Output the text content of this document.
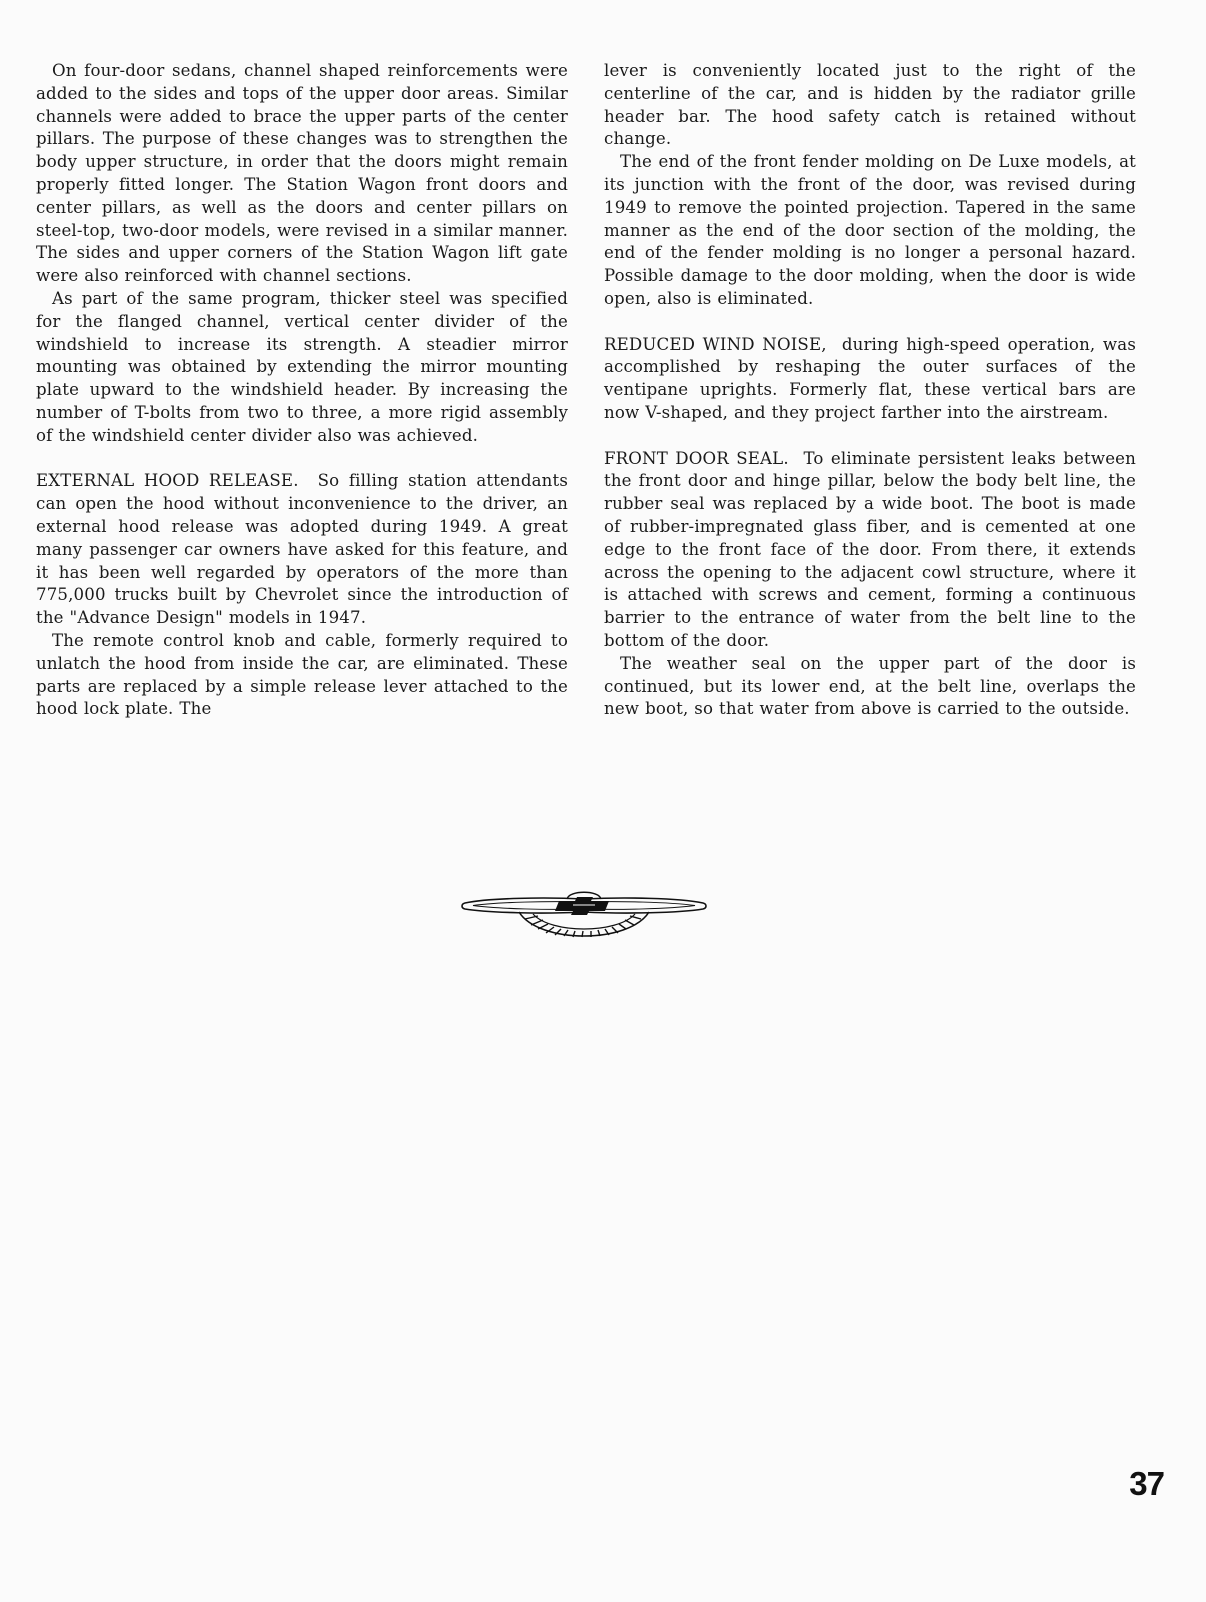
On four-door sedans, channel shaped reinforcements were added to the sides and tops of the upper door areas. Similar channels were added to brace the upper parts of the center pillars. The purpose of these changes was to strengthen the body upper structure, in order that the doors might remain properly fitted longer. The Station Wagon front doors and center pillars, as well as the doors and center pillars on steel-top, two-door models, were revised in a similar manner. The sides and upper corners of the Station Wagon lift gate were also reinforced with channel sections.

As part of the same program, thicker steel was specified for the flanged channel, vertical center divider of the windshield to increase its strength. A steadier mirror mounting was obtained by extending the mirror mounting plate upward to the windshield header. By increasing the number of T-bolts from two to three, a more rigid assembly of the windshield center divider also was achieved.

EXTERNAL HOOD RELEASE. So filling station attendants can open the hood without inconvenience to the driver, an external hood release was adopted during 1949. A great many passenger car owners have asked for this feature, and it has been well regarded by operators of the more than 775,000 trucks built by Chevrolet since the introduction of the "Advance Design" models in 1947.

The remote control knob and cable, formerly required to unlatch the hood from inside the car, are eliminated. These parts are replaced by a simple release lever attached to the hood lock plate. The

lever is conveniently located just to the right of the centerline of the car, and is hidden by the radiator grille header bar. The hood safety catch is retained without change.

The end of the front fender molding on De Luxe models, at its junction with the front of the door, was revised during 1949 to remove the pointed projection. Tapered in the same manner as the end of the door section of the molding, the end of the fender molding is no longer a personal hazard. Possible damage to the door molding, when the door is wide open, also is eliminated.

REDUCED WIND NOISE, during high-speed operation, was accomplished by reshaping the outer surfaces of the ventipane uprights. Formerly flat, these vertical bars are now V-shaped, and they project farther into the airstream.

FRONT DOOR SEAL. To eliminate persistent leaks between the front door and hinge pillar, below the body belt line, the rubber seal was replaced by a wide boot. The boot is made of rubber-impregnated glass fiber, and is cemented at one edge to the front face of the door. From there, it extends across the opening to the adjacent cowl structure, where it is attached with screws and cement, forming a continuous barrier to the entrance of water from the belt line to the bottom of the door.

The weather seal on the upper part of the door is continued, but its lower end, at the belt line, overlaps the new boot, so that water from above is carried to the outside.

37
